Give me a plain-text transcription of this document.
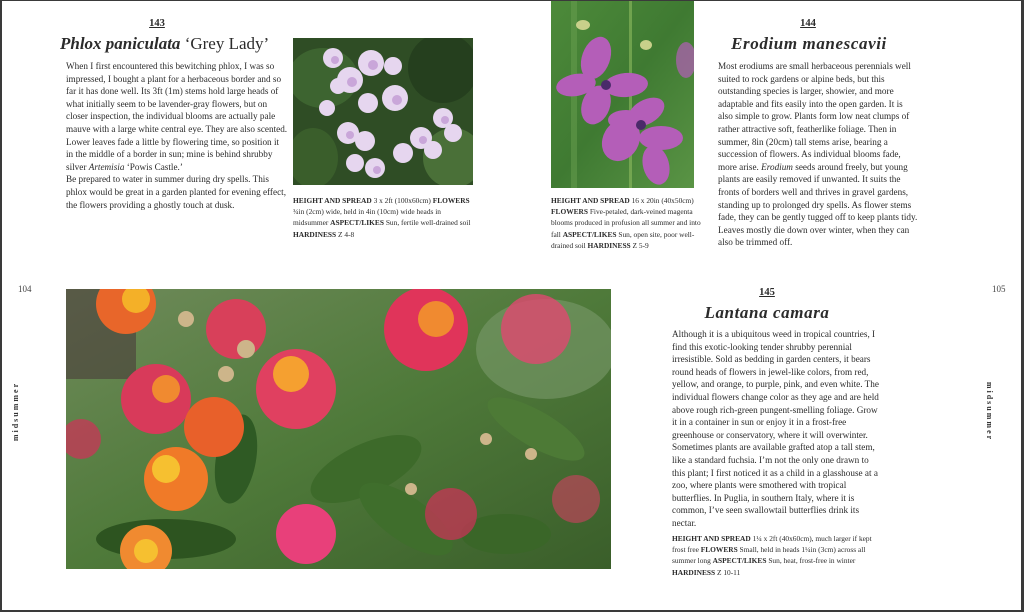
143
Phlox paniculata ‘Grey Lady’

When I first encountered this bewitching phlox, I was so impressed, I bought a plant for a herbaceous border and so far it has done well. Its 3ft (1m) stems hold large heads of what initially seem to be lavender-gray flowers, but on closer inspection, the individual blooms are actually pale mauve with a large white central eye. They are also scented. Lower leaves fade a little by flowering time, so position it in the middle of a border in sun; mine is behind shrubby silver Artemisia ‘Powis Castle.’

Be prepared to water in summer during dry spells. This phlox would be great in a garden planted for evening effect, the flowers providing a ghostly touch at dusk.	HEIGHT AND SPREAD 3 x 2ft (100x60cm) FLOWERS ¾in (2cm) wide, held in 4in (10cm) wide heads in midsummer ASPECT/LIKES Sun, fertile well-drained soil HARDINESS Z 4-8
HEIGHT AND SPREAD 16 x 20in (40x50cm) FLOWERS Five-petaled, dark-veined magenta blooms produced in profusion all summer and into fall ASPECT/LIKES Sun, open site, poor well-drained soil HARDINESS Z 5-9
144
Erodium manescavii

Most erodiums are small herbaceous perennials well suited to rock gardens or alpine beds, but this outstanding species is larger, showier, and more adaptable and fits easily into the open garden. It is also simple to grow. Plants form low neat clumps of rather attractive soft, featherlike foliage. Then in summer, 8in (20cm) tall stems arise, bearing a succession of flowers. As individual blooms fade, more arise. Erodium seeds around freely, but young plants are easily removed if unwanted. It suits the fronts of borders well and thrives in gravel gardens, standing up to prolonged dry spells. As flower stems fade, they can be gently tugged off to keep plants tidy. Leaves mostly die down over winter, when they can also be trimmed off.

104	105
midsummer	midsummer
145
Lantana camara

Although it is a ubiquitous weed in tropical countries, I find this exotic-looking tender shrubby perennial irresistible. Sold as bedding in garden centers, it bears round heads of flowers in jewel-like colors, from red, yellow, and orange, to purple, pink, and even white. The individual flowers change color as they age and are held above rough rich-green pungent-smelling foliage. Grow it in a container in sun or enjoy it in a frost-free greenhouse or conservatory, where it will overwinter. Sometimes plants are available grafted atop a tall stem, like a standard fuchsia. I’m not the only one drawn to this plant; I first noticed it as a child in a glasshouse at a zoo, where plants were smothered with tropical butterflies. In Puglia, in southern Italy, where it is common, I’ve seen swallowtail butterflies drink its nectar.

HEIGHT AND SPREAD 1¼ x 2ft (40x60cm), much larger if kept frost free FLOWERS Small, held in heads 1¼in (3cm) across all summer long ASPECT/LIKES Sun, heat, frost-free in winter HARDINESS Z 10-11
